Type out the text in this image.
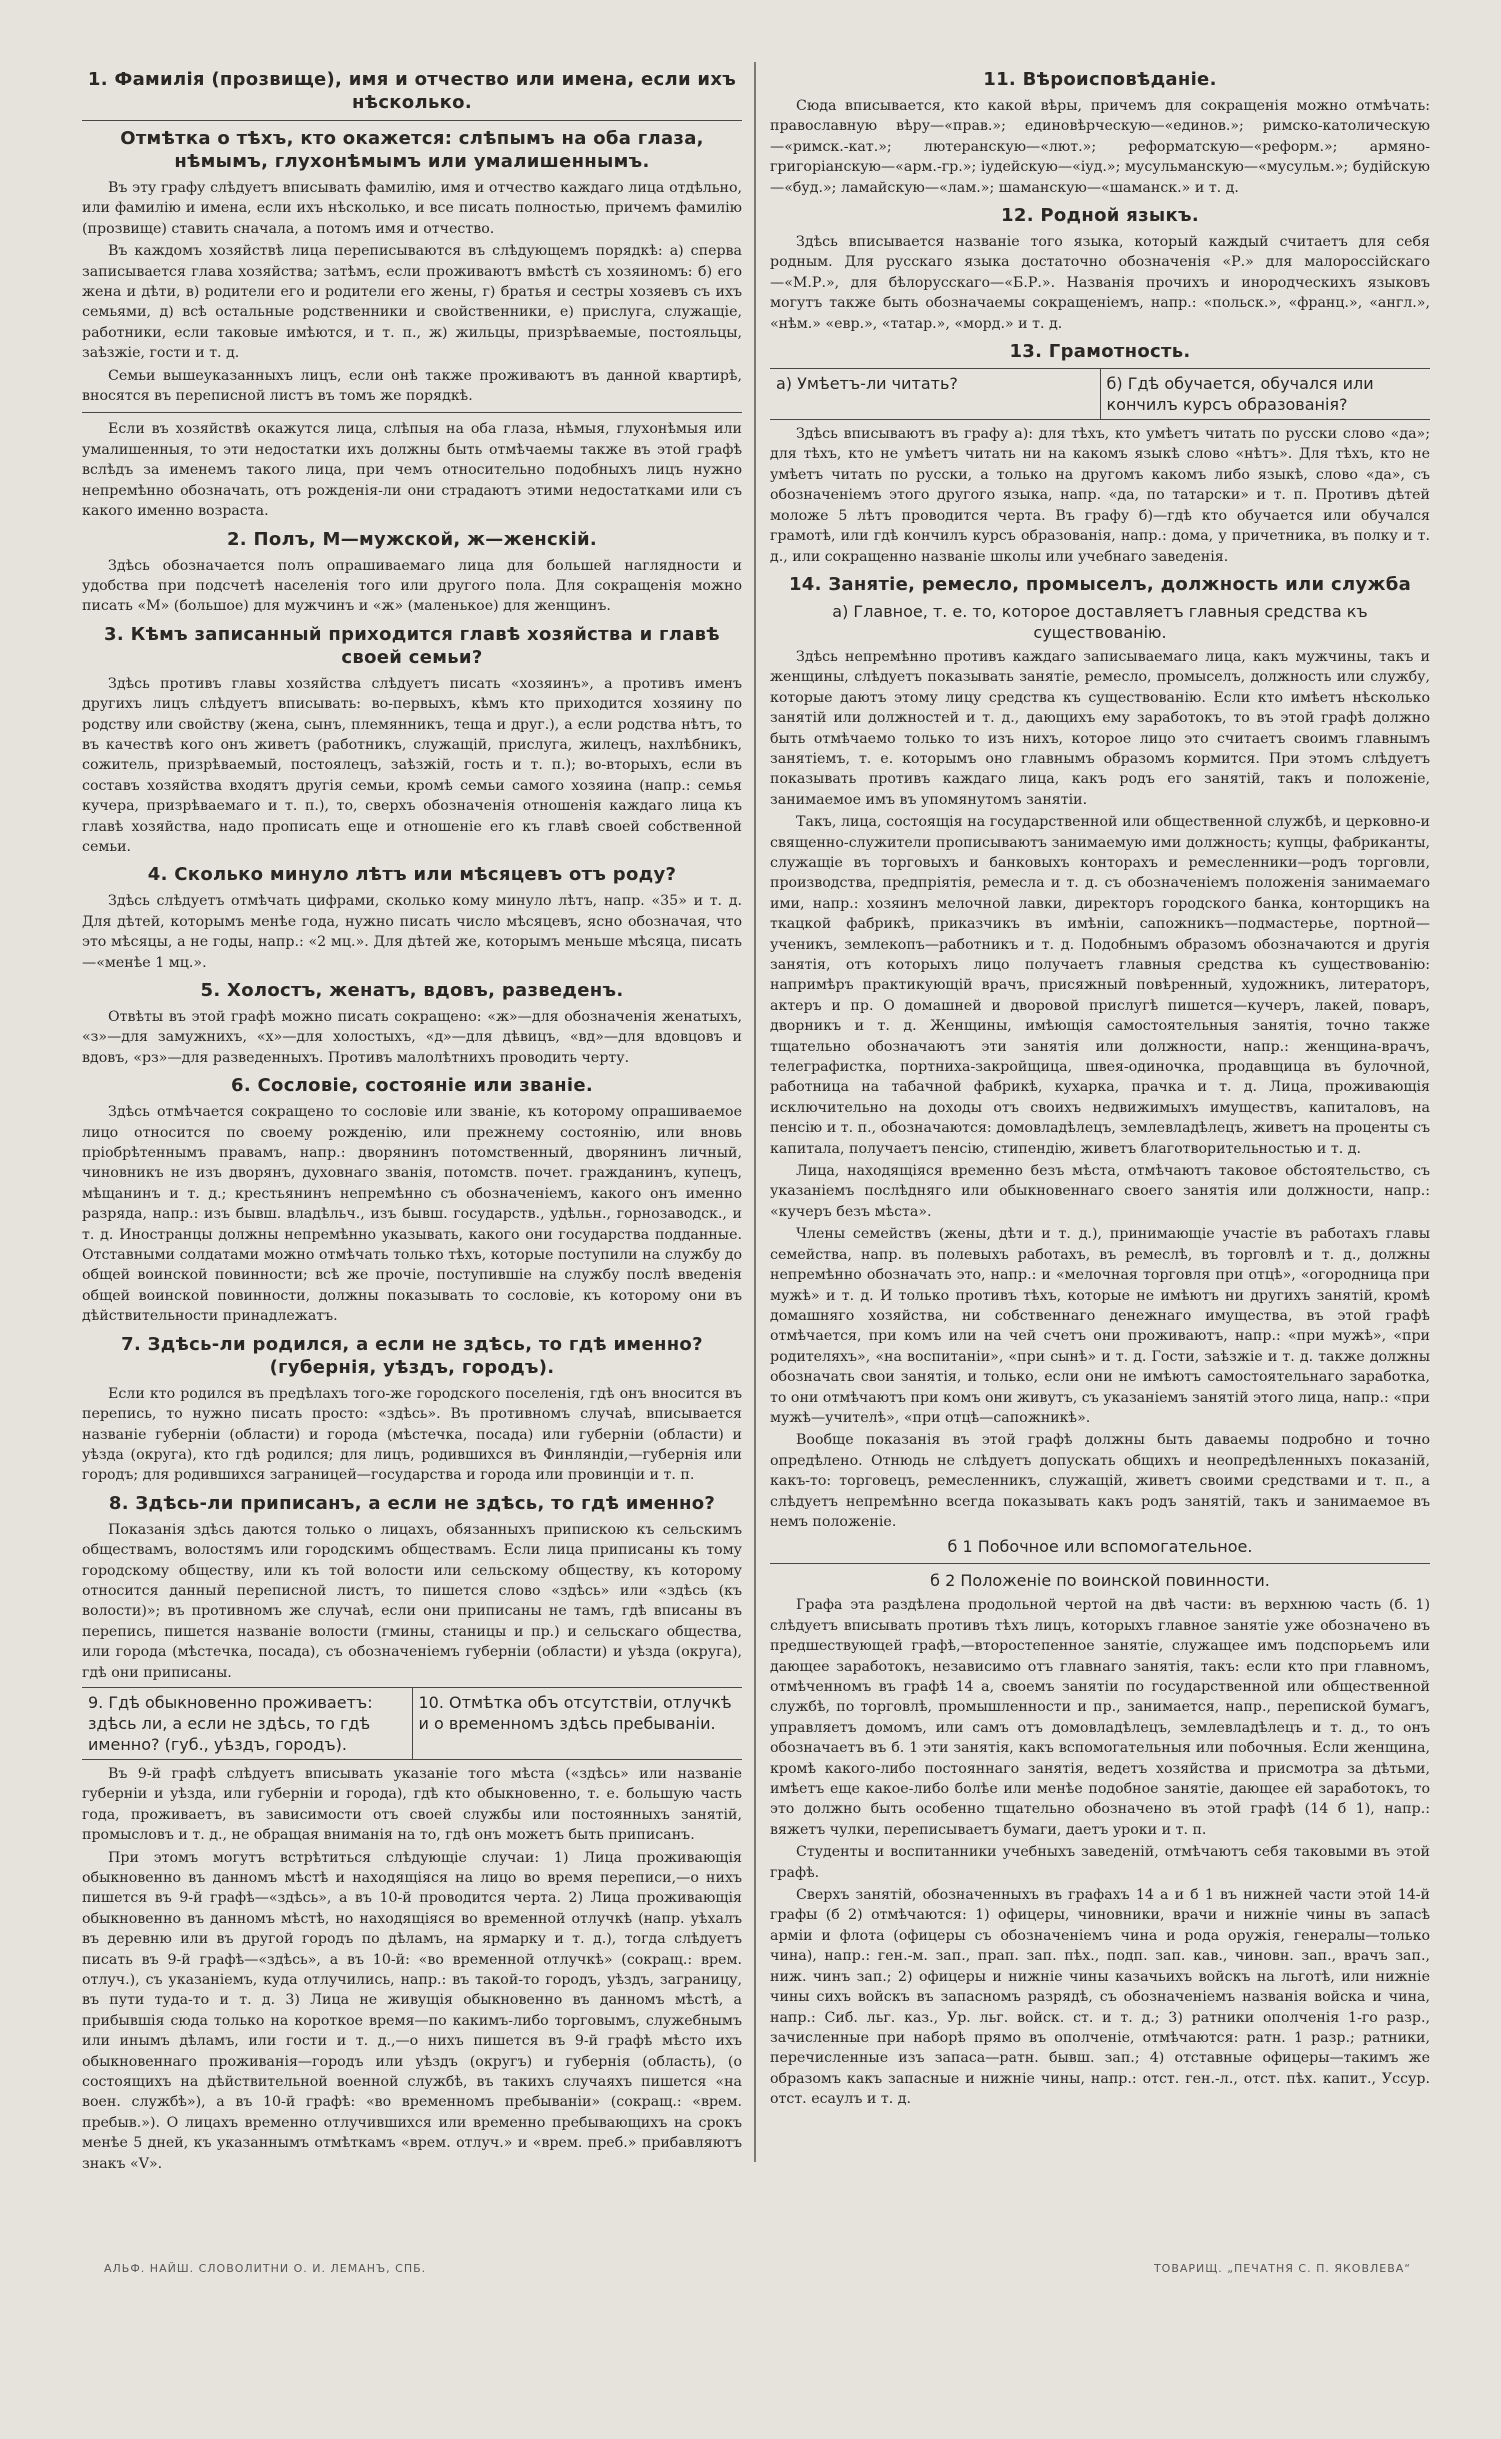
1. Фамилія (прозвище), имя и отчество или имена, если ихъ нѣсколько.
Отмѣтка о тѣхъ, кто окажется: слѣпымъ на оба глаза, нѣмымъ, глухонѣмымъ или умалишеннымъ.

Въ эту графу слѣдуетъ вписывать фамилію, имя и отчество каждаго лица отдѣльно, или фамилію и имена, если ихъ нѣсколько, и все писать полностью, причемъ фамилію (прозвище) ставить сначала, а потомъ имя и отчество.

Въ каждомъ хозяйствѣ лица переписываются въ слѣдующемъ порядкѣ: а) сперва записывается глава хозяйства; затѣмъ, если проживаютъ вмѣстѣ съ хозяиномъ: б) его жена и дѣти, в) родители его и родители его жены, г) братья и сестры хозяевъ съ ихъ семьями, д) всѣ остальные родственники и свойственники, е) прислуга, служащіе, работники, если таковые имѣются, и т. п., ж) жильцы, призрѣваемые, постояльцы, заѣзжіе, гости и т. д.

Семьи вышеуказанныхъ лицъ, если онѣ также проживаютъ въ данной квартирѣ, вносятся въ переписной листъ въ томъ же порядкѣ.

Если въ хозяйствѣ окажутся лица, слѣпыя на оба глаза, нѣмыя, глухонѣмыя или умалишенныя, то эти недостатки ихъ должны быть отмѣчаемы также въ этой графѣ вслѣдъ за именемъ такого лица, при чемъ относительно подобныхъ лицъ нужно непремѣнно обозначать, отъ рожденія-ли они страдаютъ этими недостатками или съ какого именно возраста.

2. Полъ, М—мужской, ж—женскій.

Здѣсь обозначается полъ опрашиваемаго лица для большей наглядности и удобства при подсчетѣ населенія того или другого пола. Для сокращенія можно писать «М» (большое) для мужчинъ и «ж» (маленькое) для женщинъ.

3. Кѣмъ записанный приходится главѣ хозяйства и главѣ своей семьи?

Здѣсь противъ главы хозяйства слѣдуетъ писать «хозяинъ», а противъ именъ другихъ лицъ слѣдуетъ вписывать: во-первыхъ, кѣмъ кто приходится хозяину по родству или свойству (жена, сынъ, племянникъ, теща и друг.), а если родства нѣтъ, то въ качествѣ кого онъ живетъ (работникъ, служащій, прислуга, жилецъ, нахлѣбникъ, сожитель, призрѣваемый, постоялецъ, заѣзжій, гость и т. п.); во-вторыхъ, если въ составъ хозяйства входятъ другія семьи, кромѣ семьи самого хозяина (напр.: семья кучера, призрѣваемаго и т. п.), то, сверхъ обозначенія отношенія каждаго лица къ главѣ хозяйства, надо прописать еще и отношеніе его къ главѣ своей собственной семьи.

4. Сколько минуло лѣтъ или мѣсяцевъ отъ роду?

Здѣсь слѣдуетъ отмѣчать цифрами, сколько кому минуло лѣтъ, напр. «35» и т. д. Для дѣтей, которымъ менѣе года, нужно писать число мѣсяцевъ, ясно обозначая, что это мѣсяцы, а не годы, напр.: «2 мц.». Для дѣтей же, которымъ меньше мѣсяца, писать—«менѣе 1 мц.».

5. Холостъ, женатъ, вдовъ, разведенъ.

Отвѣты въ этой графѣ можно писать сокращено: «ж»—для обозначенія женатыхъ, «з»—для замужнихъ, «х»—для холостыхъ, «д»—для дѣвицъ, «вд»—для вдовцовъ и вдовъ, «рз»—для разведенныхъ. Противъ малолѣтнихъ проводить черту.

6. Сословіе, состояніе или званіе.

Здѣсь отмѣчается сокращено то сословіе или званіе, къ которому опрашиваемое лицо относится по своему рожденію, или прежнему состоянію, или вновь пріобрѣтеннымъ правамъ, напр.: дворянинъ потомственный, дворянинъ личный, чиновникъ не изъ дворянъ, духовнаго званія, потомств. почет. гражданинъ, купецъ, мѣщанинъ и т. д.; крестьянинъ непремѣнно съ обозначеніемъ, какого онъ именно разряда, напр.: изъ бывш. владѣльч., изъ бывш. государств., удѣльн., горнозаводск., и т. д. Иностранцы должны непремѣнно указывать, какого они государства подданные. Отставными солдатами можно отмѣчать только тѣхъ, которые поступили на службу до общей воинской повинности; всѣ же прочіе, поступившіе на службу послѣ введенія общей воинской повинности, должны показывать то сословіе, къ которому они въ дѣйствительности принадлежатъ.

7. Здѣсь-ли родился, а если не здѣсь, то гдѣ именно? (губернія, уѣздъ, городъ).

Если кто родился въ предѣлахъ того-же городского поселенія, гдѣ онъ вносится въ перепись, то нужно писать просто: «здѣсь». Въ противномъ случаѣ, вписывается названіе губерніи (области) и города (мѣстечка, посада) или губерніи (области) и уѣзда (округа), кто гдѣ родился; для лицъ, родившихся въ Финляндіи,—губернія или городъ; для родившихся заграницей—государства и города или провинціи и т. п.

8. Здѣсь-ли приписанъ, а если не здѣсь, то гдѣ именно?

Показанія здѣсь даются только о лицахъ, обязанныхъ припискою къ сельскимъ обществамъ, волостямъ или городскимъ обществамъ. Если лица приписаны къ тому городскому обществу, или къ той волости или сельскому обществу, къ которому относится данный переписной листъ, то пишется слово «здѣсь» или «здѣсь (къ волости)»; въ противномъ же случаѣ, если они приписаны не тамъ, гдѣ вписаны въ перепись, пишется названіе волости (гмины, станицы и пр.) и сельскаго общества, или города (мѣстечка, посада), съ обозначеніемъ губерніи (области) и уѣзда (округа), гдѣ они приписаны.

9. Гдѣ обыкновенно проживаетъ: здѣсь ли, а если не здѣсь, то гдѣ именно? (губ., уѣздъ, городъ).
10. Отмѣтка объ отсутствіи, отлучкѣ и о временномъ здѣсь пребываніи.

Въ 9-й графѣ слѣдуетъ вписывать указаніе того мѣста («здѣсь» или названіе губерніи и уѣзда, или губерніи и города), гдѣ кто обыкновенно, т. е. большую часть года, проживаетъ, въ зависимости отъ своей службы или постоянныхъ занятій, промысловъ и т. д., не обращая вниманія на то, гдѣ онъ можетъ быть приписанъ.

При этомъ могутъ встрѣтиться слѣдующіе случаи: 1) Лица проживающія обыкновенно въ данномъ мѣстѣ и находящіяся на лицо во время переписи,—о нихъ пишется въ 9-й графѣ—«здѣсь», а въ 10-й проводится черта. 2) Лица проживающія обыкновенно въ данномъ мѣстѣ, но находящіяся во временной отлучкѣ (напр. уѣхалъ въ деревню или въ другой городъ по дѣламъ, на ярмарку и т. д.), тогда слѣдуетъ писать въ 9-й графѣ—«здѣсь», а въ 10-й: «во временной отлучкѣ» (сокращ.: врем. отлуч.), съ указаніемъ, куда отлучились, напр.: въ такой-то городъ, уѣздъ, заграницу, въ пути туда-то и т. д. 3) Лица не живущія обыкновенно въ данномъ мѣстѣ, а прибывшія сюда только на короткое время—по какимъ-либо торговымъ, служебнымъ или инымъ дѣламъ, или гости и т. д.,—о нихъ пишется въ 9-й графѣ мѣсто ихъ обыкновеннаго проживанія—городъ или уѣздъ (округъ) и губернія (область), (о состоящихъ на дѣйствительной военной службѣ, въ такихъ случаяхъ пишется «на воен. службѣ»), а въ 10-й графѣ: «во временномъ пребываніи» (сокращ.: «врем. пребыв.»). О лицахъ временно отлучившихся или временно пребывающихъ на срокъ менѣе 5 дней, къ указаннымъ отмѣткамъ «врем. отлуч.» и «врем. преб.» прибавляютъ знакъ «V».

11. Вѣроисповѣданіе.

Сюда вписывается, кто какой вѣры, причемъ для сокращенія можно отмѣчать: православную вѣру—«прав.»; единовѣрческую—«единов.»; римско-католическую—«римск.-кат.»; лютеранскую—«лют.»; реформатскую—«реформ.»; армяно-григоріанскую—«арм.-гр.»; іудейскую—«іуд.»; мусульманскую—«мусульм.»; будійскую—«буд.»; ламайскую—«лам.»; шаманскую—«шаманск.» и т. д.

12. Родной языкъ.

Здѣсь вписывается названіе того языка, который каждый считаетъ для себя родным. Для русскаго языка достаточно обозначенія «Р.» для малороссійскаго—«М.Р.», для бѣлорусскаго—«Б.Р.». Названія прочихъ и инородческихъ языковъ могутъ также быть обозначаемы сокращеніемъ, напр.: «польск.», «франц.», «англ.», «нѣм.» «евр.», «татар.», «морд.» и т. д.

13. Грамотность.
а) Умѣетъ-ли читать?	б) Гдѣ обучается, обучался или кончилъ курсъ образованія?

Здѣсь вписываютъ въ графу а): для тѣхъ, кто умѣетъ читать по русски слово «да»; для тѣхъ, кто не умѣетъ читать ни на какомъ языкѣ слово «нѣтъ». Для тѣхъ, кто не умѣетъ читать по русски, а только на другомъ какомъ либо языкѣ, слово «да», съ обозначеніемъ этого другого языка, напр. «да, по татарски» и т. п. Противъ дѣтей моложе 5 лѣтъ проводится черта. Въ графу б)—гдѣ кто обучается или обучался грамотѣ, или гдѣ кончилъ курсъ образованія, напр.: дома, у причетника, въ полку и т. д., или сокращенно названіе школы или учебнаго заведенія.

14. Занятіе, ремесло, промыселъ, должность или служба
а) Главное, т. е. то, которое доставляетъ главныя средства къ существованію.

Здѣсь непремѣнно противъ каждаго записываемаго лица, какъ мужчины, такъ и женщины, слѣдуетъ показывать занятіе, ремесло, промыселъ, должность или службу, которые даютъ этому лицу средства къ существованію. Если кто имѣетъ нѣсколько занятій или должностей и т. д., дающихъ ему заработокъ, то въ этой графѣ должно быть отмѣчаемо только то изъ нихъ, которое лицо это считаетъ своимъ главнымъ занятіемъ, т. е. которымъ оно главнымъ образомъ кормится. При этомъ слѣдуетъ показывать противъ каждаго лица, какъ родъ его занятій, такъ и положеніе, занимаемое имъ въ упомянутомъ занятіи.

Такъ, лица, состоящія на государственной или общественной службѣ, и церковно-и священно-служители прописываютъ занимаемую ими должность; купцы, фабриканты, служащіе въ торговыхъ и банковыхъ конторахъ и ремесленники—родъ торговли, производства, предпріятія, ремесла и т. д. съ обозначеніемъ положенія занимаемаго ими, напр.: хозяинъ мелочной лавки, директоръ городского банка, конторщикъ на ткацкой фабрикѣ, приказчикъ въ имѣніи, сапожникъ—подмастерье, портной—ученикъ, землекопъ—работникъ и т. д. Подобнымъ образомъ обозначаются и другія занятія, отъ которыхъ лицо получаетъ главныя средства къ существованію: напримѣръ практикующій врачъ, присяжный повѣренный, художникъ, литераторъ, актеръ и пр. О домашней и дворовой прислугѣ пишется—кучеръ, лакей, поваръ, дворникъ и т. д. Женщины, имѣющія самостоятельныя занятія, точно также тщательно обозначаютъ эти занятія или должности, напр.: женщина-врачъ, телеграфистка, портниха-закройщица, швея-одиночка, продавщица въ булочной, работница на табачной фабрикѣ, кухарка, прачка и т. д. Лица, проживающія исключительно на доходы отъ своихъ недвижимыхъ имуществъ, капиталовъ, на пенсію и т. п., обозначаются: домовладѣлецъ, землевладѣлецъ, живетъ на проценты съ капитала, получаетъ пенсію, стипендію, живетъ благотворительностью и т. д.

Лица, находящіяся временно безъ мѣста, отмѣчаютъ таковое обстоятельство, съ указаніемъ послѣдняго или обыкновеннаго своего занятія или должности, напр.: «кучеръ безъ мѣста».

Члены семействъ (жены, дѣти и т. д.), принимающіе участіе въ работахъ главы семейства, напр. въ полевыхъ работахъ, въ ремеслѣ, въ торговлѣ и т. д., должны непремѣнно обозначать это, напр.: и «мелочная торговля при отцѣ», «огородница при мужѣ» и т. д. И только противъ тѣхъ, которые не имѣютъ ни другихъ занятій, кромѣ домашняго хозяйства, ни собственнаго денежнаго имущества, въ этой графѣ отмѣчается, при комъ или на чей счетъ они проживаютъ, напр.: «при мужѣ», «при родителяхъ», «на воспитаніи», «при сынѣ» и т. д. Гости, заѣзжіе и т. д. также должны обозначать свои занятія, и только, если они не имѣютъ самостоятельнаго заработка, то они отмѣчаютъ при комъ они живутъ, съ указаніемъ занятій этого лица, напр.: «при мужѣ—учителѣ», «при отцѣ—сапожникѣ».

Вообще показанія въ этой графѣ должны быть даваемы подробно и точно опредѣлено. Отнюдь не слѣдуетъ допускать общихъ и неопредѣленныхъ показаній, какъ-то: торговецъ, ремесленникъ, служащій, живетъ своими средствами и т. п., а слѣдуетъ непремѣнно всегда показывать какъ родъ занятій, такъ и занимаемое въ немъ положеніе.

б 1 Побочное или вспомогательное.
б 2 Положеніе по воинской повинности.

Графа эта раздѣлена продольной чертой на двѣ части: въ верхнюю часть (б. 1) слѣдуетъ вписывать противъ тѣхъ лицъ, которыхъ главное занятіе уже обозначено въ предшествующей графѣ,—второстепенное занятіе, служащее имъ подспорьемъ или дающее заработокъ, независимо отъ главнаго занятія, такъ: если кто при главномъ, отмѣченномъ въ графѣ 14 а, своемъ занятіи по государственной или общественной службѣ, по торговлѣ, промышленности и пр., занимается, напр., перепиской бумагъ, управляетъ домомъ, или самъ отъ домовладѣлецъ, землевладѣлецъ и т. д., то онъ обозначаетъ въ б. 1 эти занятія, какъ вспомогательныя или побочныя. Если женщина, кромѣ какого-либо постояннаго занятія, ведетъ хозяйства и присмотра за дѣтьми, имѣетъ еще какое-либо болѣе или менѣе подобное занятіе, дающее ей заработокъ, то это должно быть особенно тщательно обозначено въ этой графѣ (14 б 1), напр.: вяжетъ чулки, переписываетъ бумаги, даетъ уроки и т. п.

Студенты и воспитанники учебныхъ заведеній, отмѣчаютъ себя таковыми въ этой графѣ.

Сверхъ занятій, обозначенныхъ въ графахъ 14 а и б 1 въ нижней части этой 14-й графы (б 2) отмѣчаются: 1) офицеры, чиновники, врачи и нижніе чины въ запасѣ арміи и флота (офицеры съ обозначеніемъ чина и рода оружія, генералы—только чина), напр.: ген.-м. зап., прап. зап. пѣх., подп. зап. кав., чиновн. зап., врачъ зап., ниж. чинъ зап.; 2) офицеры и нижніе чины казачьихъ войскъ на льготѣ, или нижніе чины сихъ войскъ въ запасномъ разрядѣ, съ обозначеніемъ названія войска и чина, напр.: Сиб. льг. каз., Ур. льг. войск. ст. и т. д.; 3) ратники ополченія 1-го разр., зачисленные при наборѣ прямо въ ополченіе, отмѣчаются: ратн. 1 разр.; ратники, перечисленные изъ запаса—ратн. бывш. зап.; 4) отставные офицеры—такимъ же образомъ какъ запасные и нижніе чины, напр.: отст. ген.-л., отст. пѣх. капит., Уссур. отст. есаулъ и т. д.

АЛЬФ. НАЙШ. СЛОВОЛИТНИ О. И. ЛЕМАНЪ, СПБ.	ТОВАРИЩ. „ПЕЧАТНЯ С. П. ЯКОВЛЕВА“
